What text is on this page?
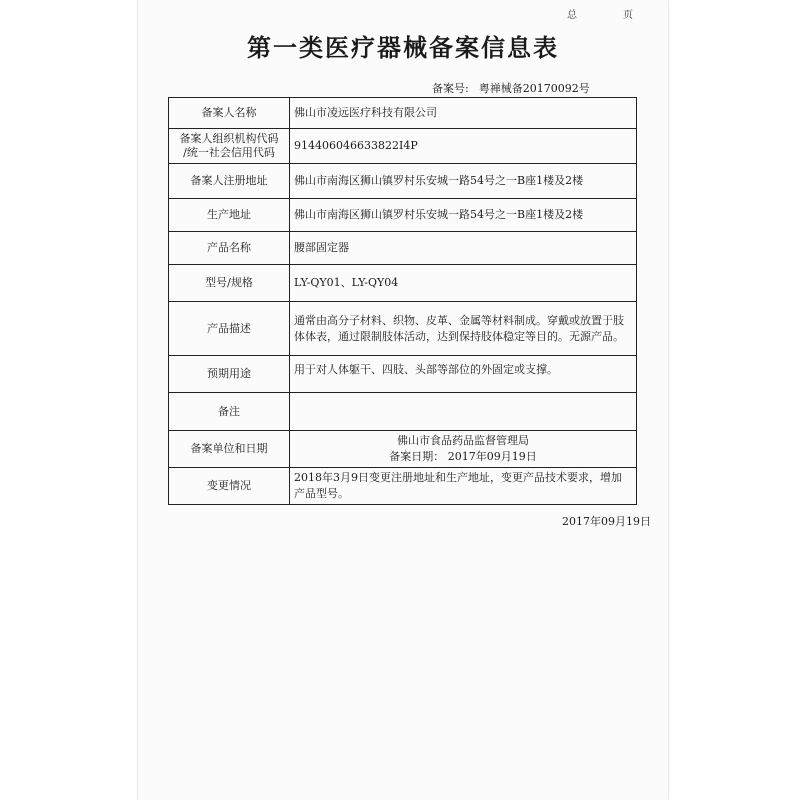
总	页
第一类医疗器械备案信息表
备案号: 粤禅械备20170092号
备案人名称	佛山市凌远医疗科技有限公司

备案人组织机构代码
/统一社会信用代码	914406046633822I4P
备案人注册地址	佛山市南海区狮山镇罗村乐安城一路54号之一B座1楼及2楼
生产地址	佛山市南海区狮山镇罗村乐安城一路54号之一B座1楼及2楼
产品名称	腰部固定器
型号/规格	LY-QY01、LY-QY04
产品描述	通常由高分子材料、织物、皮革、金属等材料制成。穿戴或放置于肢体体表，通过限制肢体活动，达到保持肢体稳定等目的。无源产品。
预期用途	用于对人体躯干、四肢、头部等部位的外固定或支撑。
备注	
备案单位和日期	佛山市食品药品监督管理局
备案日期： 2017年09月19日

变更情况	2018年3月9日变更注册地址和生产地址，变更产品技术要求，增加产品型号。
2017年09月19日
